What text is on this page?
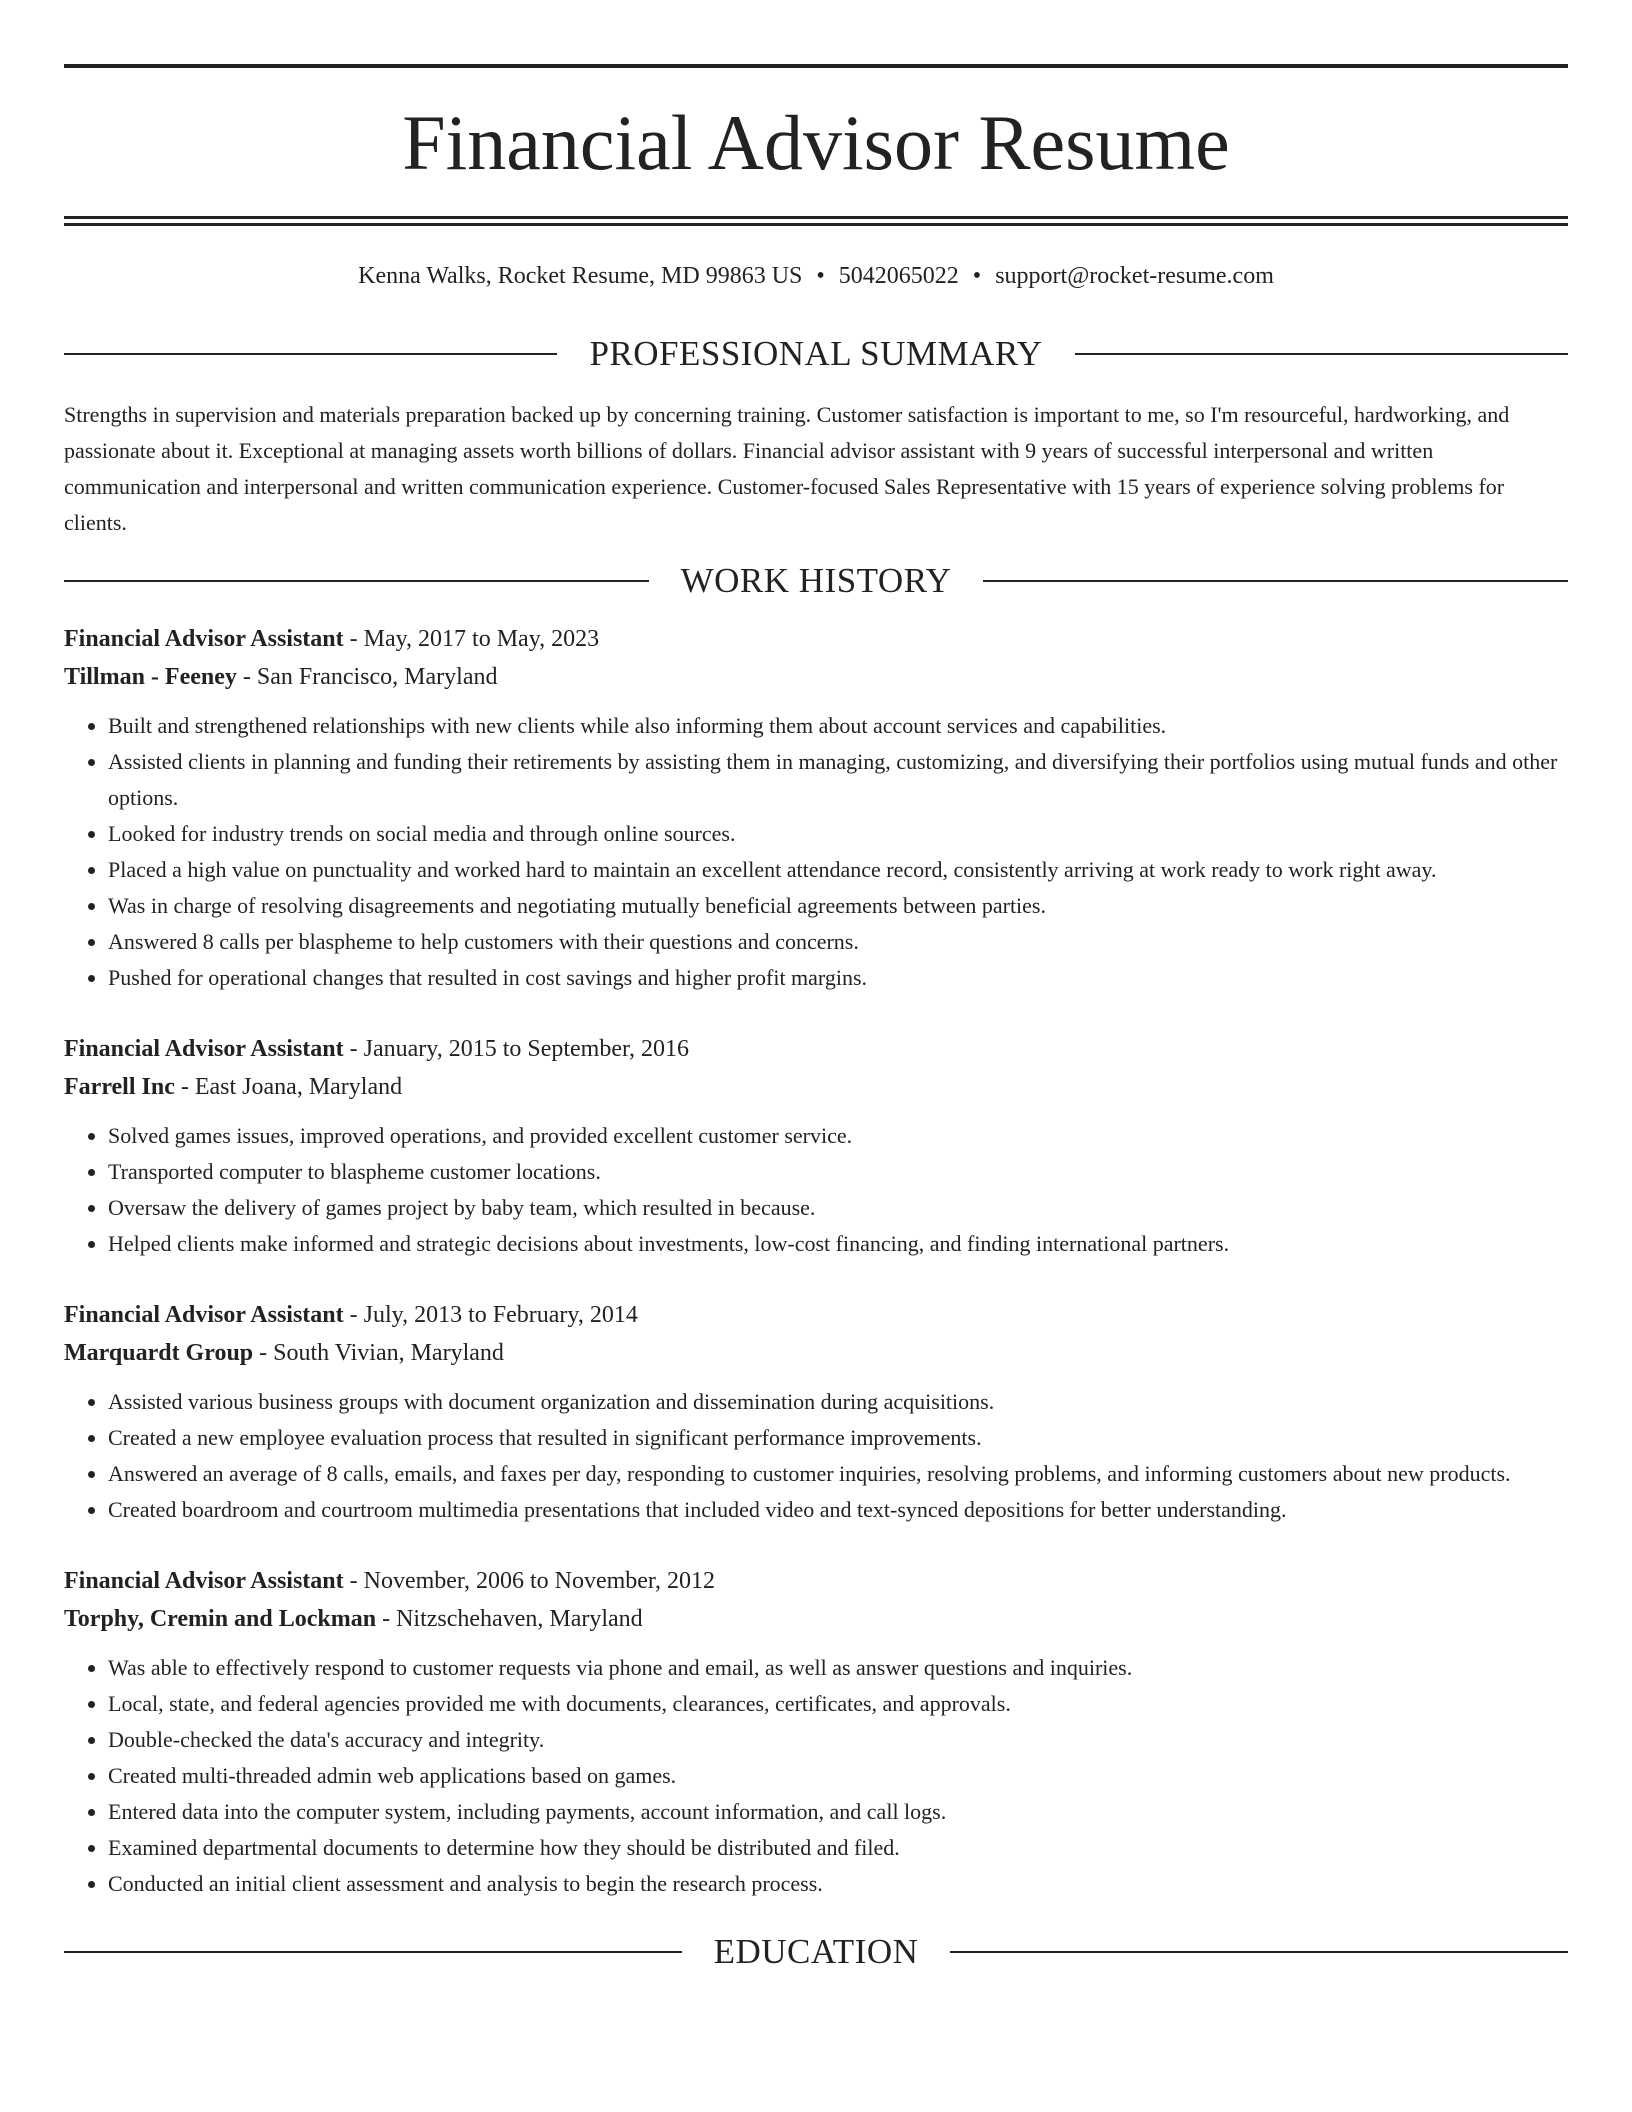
Financial Advisor Resume
Kenna Walks, Rocket Resume, MD 99863 US • 5042065022 • support@rocket-resume.com
PROFESSIONAL SUMMARY

Strengths in supervision and materials preparation backed up by concerning training. Customer satisfaction is important to me, so I'm resourceful, hardworking, and passionate about it. Exceptional at managing assets worth billions of dollars. Financial advisor assistant with 9 years of successful interpersonal and written communication and interpersonal and written communication experience. Customer-focused Sales Representative with 15 years of experience solving problems for clients.

WORK HISTORY
Financial Advisor Assistant - May, 2017 to May, 2023
Tillman - Feeney - San Francisco, Maryland
• Built and strengthened relationships with new clients while also informing them about account services and capabilities.
• Assisted clients in planning and funding their retirements by assisting them in managing, customizing, and diversifying their portfolios using mutual funds and other options.
• Looked for industry trends on social media and through online sources.
• Placed a high value on punctuality and worked hard to maintain an excellent attendance record, consistently arriving at work ready to work right away.
• Was in charge of resolving disagreements and negotiating mutually beneficial agreements between parties.
• Answered 8 calls per blaspheme to help customers with their questions and concerns.
• Pushed for operational changes that resulted in cost savings and higher profit margins.
Financial Advisor Assistant - January, 2015 to September, 2016
Farrell Inc - East Joana, Maryland
• Solved games issues, improved operations, and provided excellent customer service.
• Transported computer to blaspheme customer locations.
• Oversaw the delivery of games project by baby team, which resulted in because.
• Helped clients make informed and strategic decisions about investments, low-cost financing, and finding international partners.
Financial Advisor Assistant - July, 2013 to February, 2014
Marquardt Group - South Vivian, Maryland
• Assisted various business groups with document organization and dissemination during acquisitions.
• Created a new employee evaluation process that resulted in significant performance improvements.
• Answered an average of 8 calls, emails, and faxes per day, responding to customer inquiries, resolving problems, and informing customers about new products.
• Created boardroom and courtroom multimedia presentations that included video and text-synced depositions for better understanding.
Financial Advisor Assistant - November, 2006 to November, 2012
Torphy, Cremin and Lockman - Nitzschehaven, Maryland
• Was able to effectively respond to customer requests via phone and email, as well as answer questions and inquiries.
• Local, state, and federal agencies provided me with documents, clearances, certificates, and approvals.
• Double-checked the data's accuracy and integrity.
• Created multi-threaded admin web applications based on games.
• Entered data into the computer system, including payments, account information, and call logs.
• Examined departmental documents to determine how they should be distributed and filed.
• Conducted an initial client assessment and analysis to begin the research process.
EDUCATION
